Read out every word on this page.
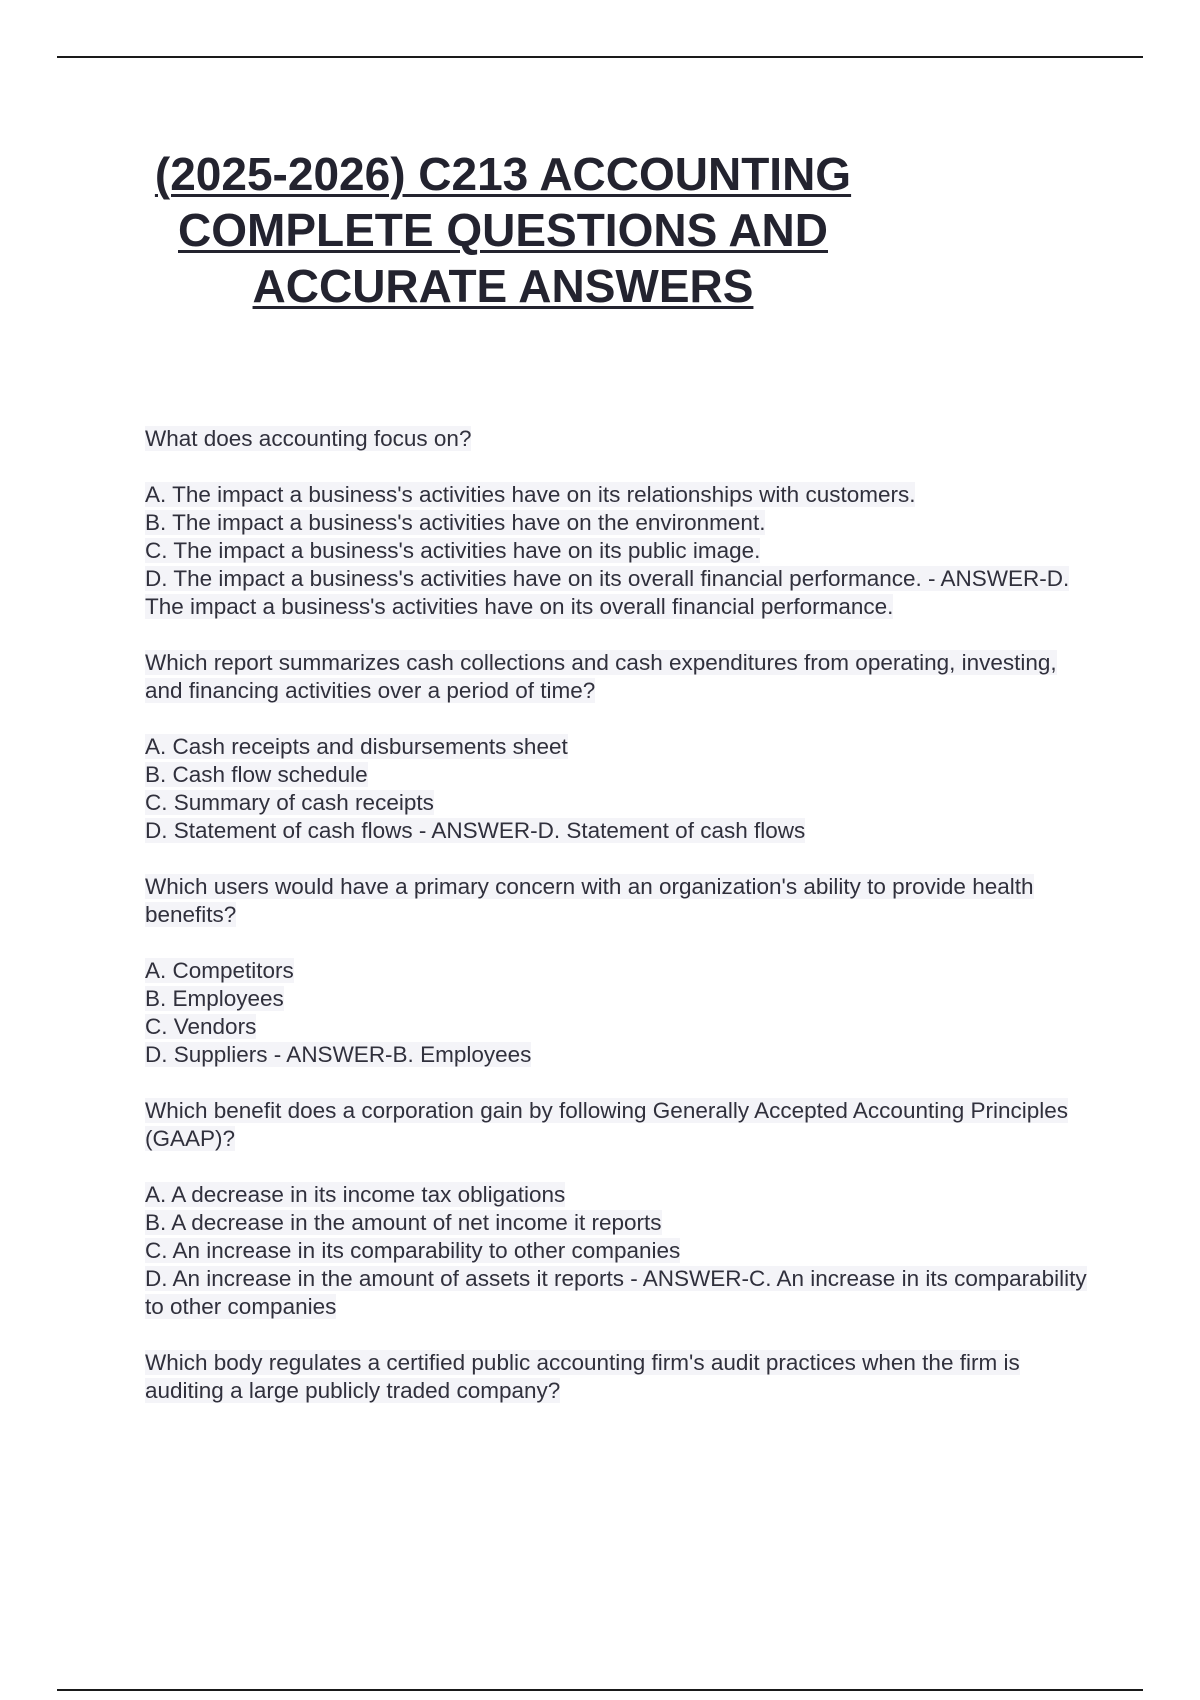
(2025-2026) C213 ACCOUNTING COMPLETE QUESTIONS AND ACCURATE ANSWERS

What does accounting focus on?

A. The impact a business's activities have on its relationships with customers.
B. The impact a business's activities have on the environment.
C. The impact a business's activities have on its public image.
D. The impact a business's activities have on its overall financial performance. - ANSWER-D. The impact a business's activities have on its overall financial performance.

Which report summarizes cash collections and cash expenditures from operating, investing, and financing activities over a period of time?

A. Cash receipts and disbursements sheet
B. Cash flow schedule
C. Summary of cash receipts
D. Statement of cash flows - ANSWER-D. Statement of cash flows

Which users would have a primary concern with an organization's ability to provide health benefits?

A. Competitors
B. Employees
C. Vendors
D. Suppliers - ANSWER-B. Employees

Which benefit does a corporation gain by following Generally Accepted Accounting Principles (GAAP)?

A. A decrease in its income tax obligations
B. A decrease in the amount of net income it reports
C. An increase in its comparability to other companies
D. An increase in the amount of assets it reports - ANSWER-C. An increase in its comparability to other companies

Which body regulates a certified public accounting firm's audit practices when the firm is auditing a large publicly traded company?
